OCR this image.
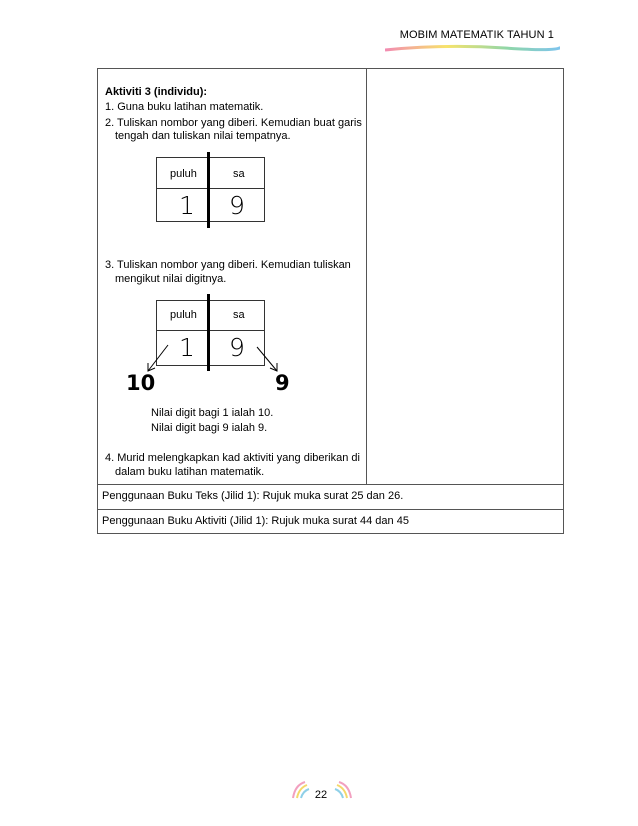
MOBIM MATEMATIK TAHUN 1
Aktiviti 3 (individu):
1. Guna buku latihan matematik.
2. Tuliskan nombor yang diberi. Kemudian buat garis
tengah dan tuliskan nilai tempatnya.
puluh	sa
1 9
3. Tuliskan nombor yang diberi. Kemudian tuliskan
mengikut nilai digitnya.
puluh	sa
1 9
10	9
Nilai digit bagi 1 ialah 10.
Nilai digit bagi 9 ialah 9.
4. Murid melengkapkan kad aktiviti yang diberikan di
dalam buku latihan matematik.
Penggunaan Buku Teks (Jilid 1): Rujuk muka surat 25 dan 26.
Penggunaan Buku Aktiviti (Jilid 1): Rujuk muka surat 44 dan 45
22
